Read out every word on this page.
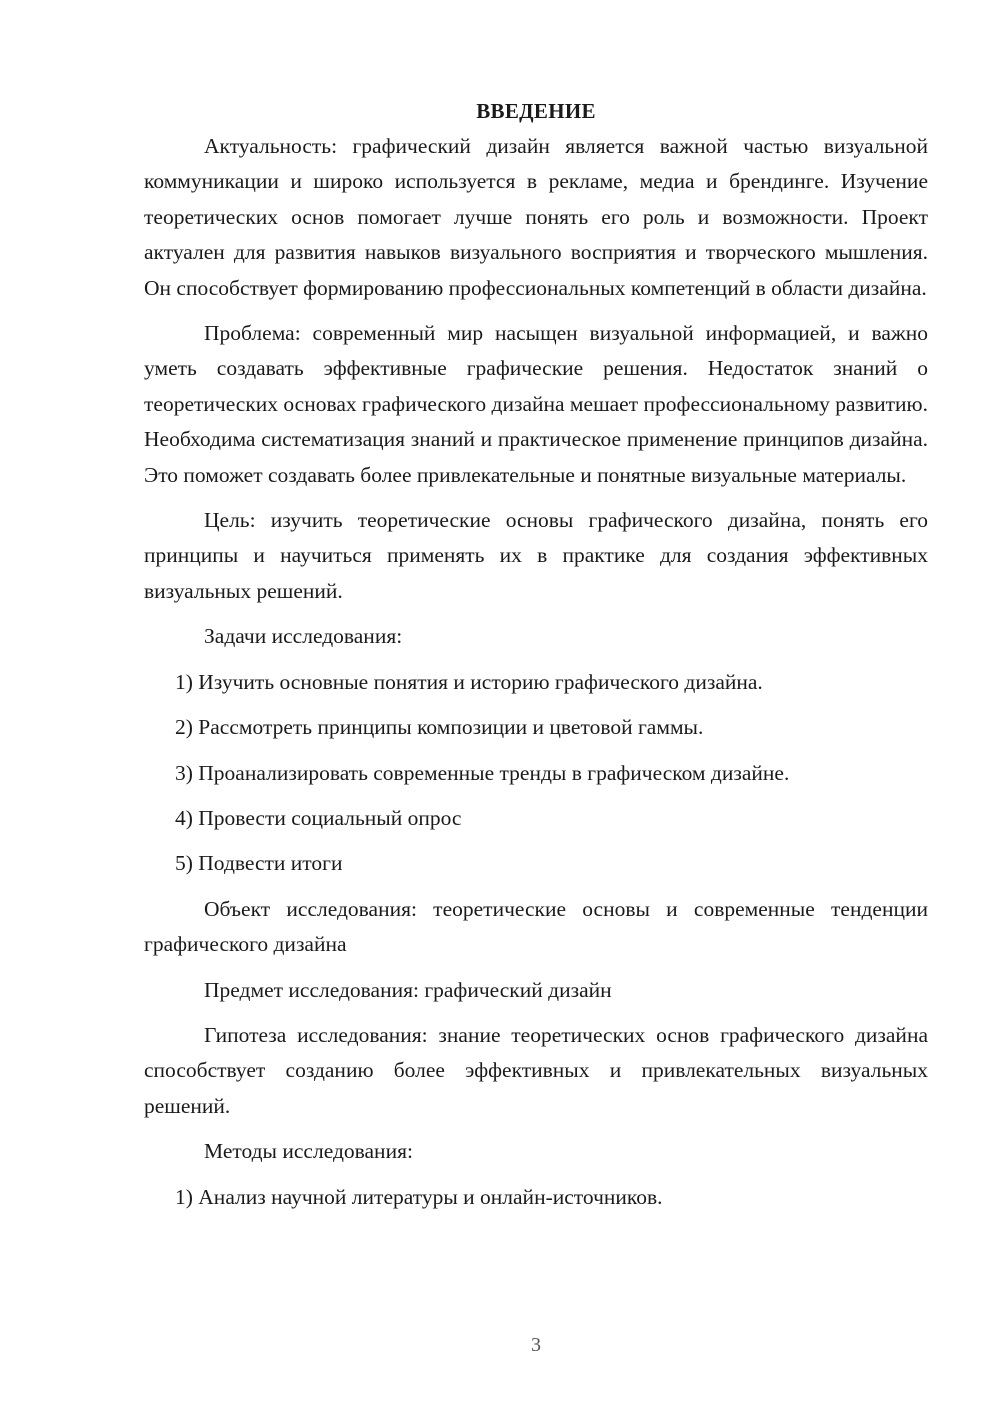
ВВЕДЕНИЕ

Актуальность: графический дизайн является важной частью визуальной коммуникации и широко используется в рекламе, медиа и брендинге. Изучение теоретических основ помогает лучше понять его роль и возможности. Проект актуален для развития навыков визуального восприятия и творческого мышления. Он способствует формированию профессиональных компетенций в области дизайна.

Проблема: современный мир насыщен визуальной информацией, и важно уметь создавать эффективные графические решения. Недостаток знаний о теоретических основах графического дизайна мешает профессиональному развитию. Необходима систематизация знаний и практическое применение принципов дизайна. Это поможет создавать более привлекательные и понятные визуальные материалы.

Цель: изучить теоретические основы графического дизайна, понять его принципы и научиться применять их в практике для создания эффективных визуальных решений.

Задачи исследования:

1) Изучить основные понятия и историю графического дизайна.

2) Рассмотреть принципы композиции и цветовой гаммы.

3) Проанализировать современные тренды в графическом дизайне.

4) Провести социальный опрос

5) Подвести итоги

Объект исследования: теоретические основы и современные тенденции графического дизайна

Предмет исследования: графический дизайн

Гипотеза исследования: знание теоретических основ графического дизайна способствует созданию более эффективных и привлекательных визуальных решений.

Методы исследования:

1) Анализ научной литературы и онлайн-источников.

3
